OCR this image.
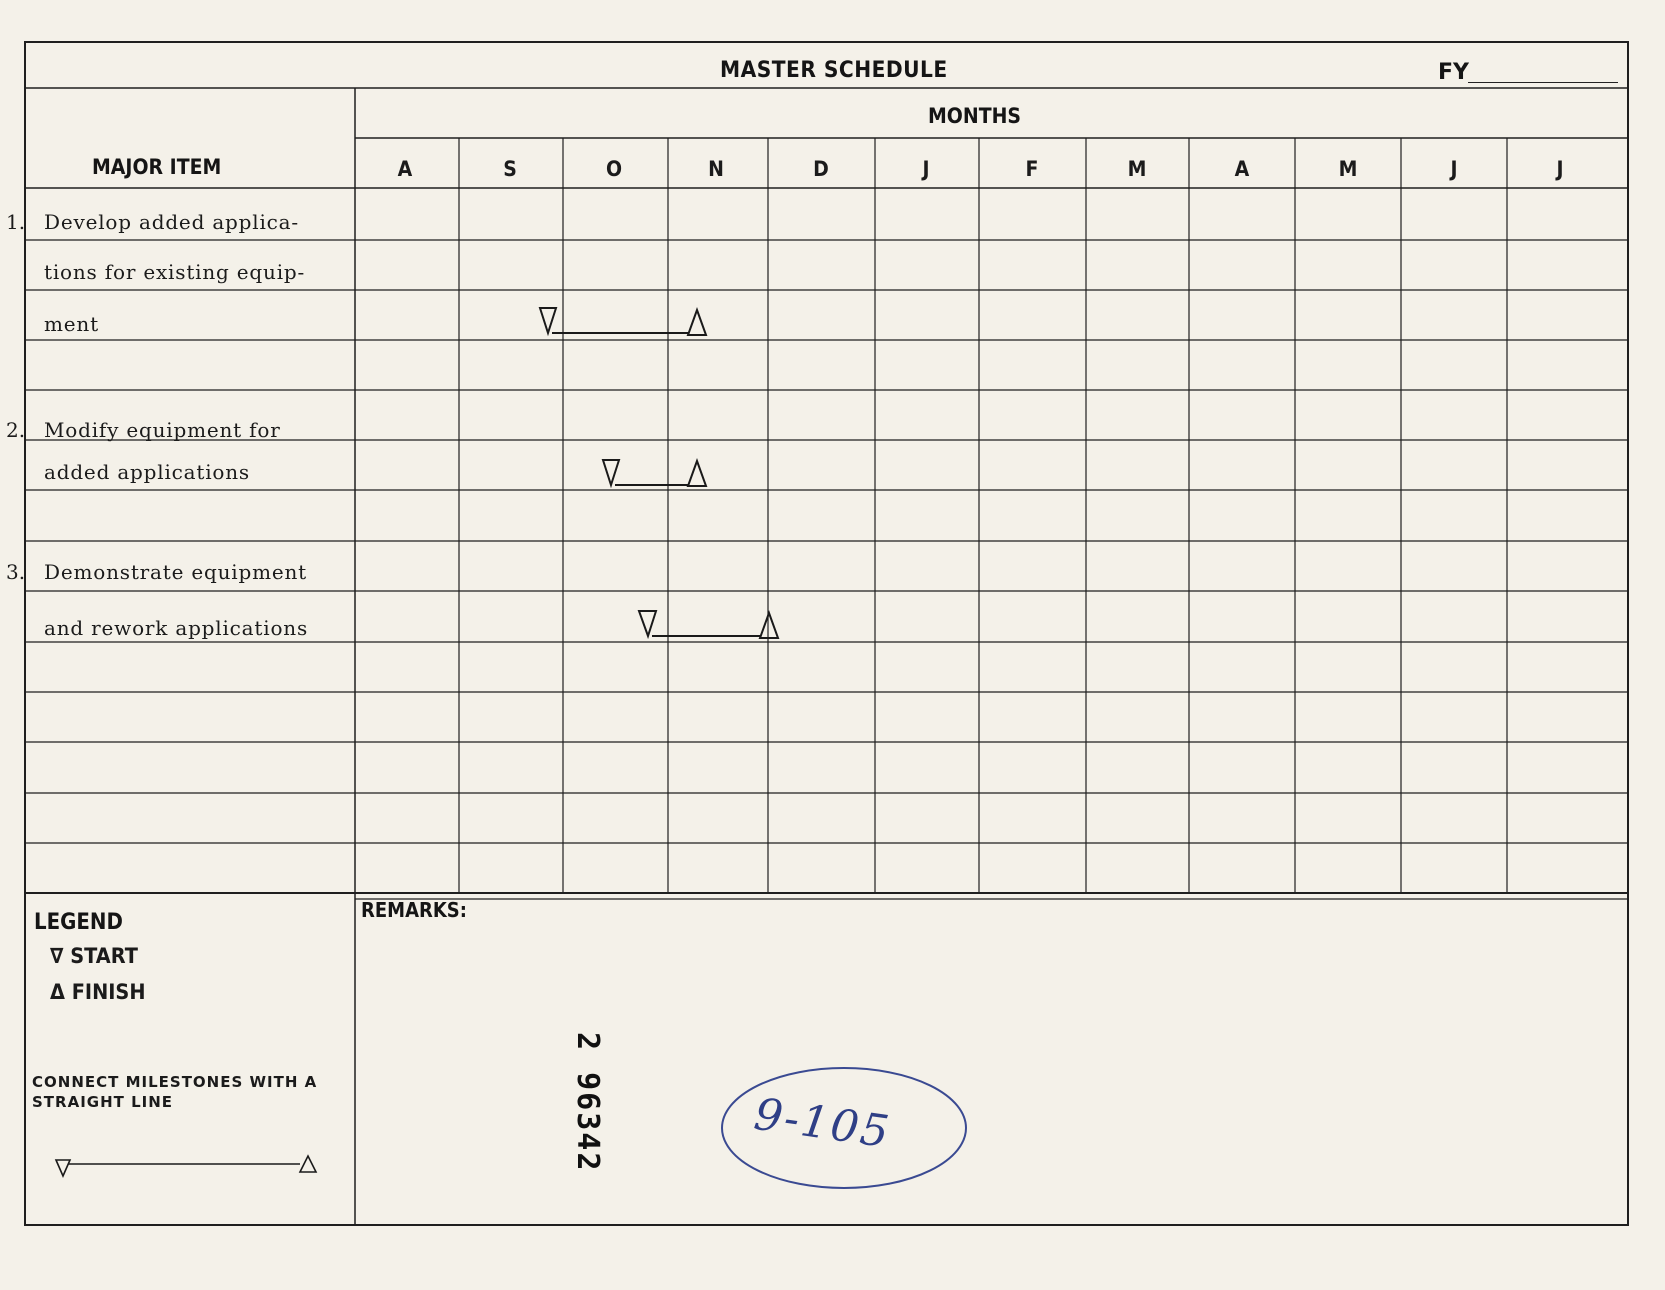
MASTER SCHEDULE	FY
MONTHS
MAJOR ITEM	A	S	O	N	D	J	F	M	A	M	J	J
1. Develop added applica-
tions for existing equip-
ment
2. Modify equipment for
added applications
3. Demonstrate equipment
and rework applications
LEGEND
∇ START
Δ FINISH
CONNECT MILESTONES WITH A
STRAIGHT LINE
REMARKS:
2 96342	9-105
